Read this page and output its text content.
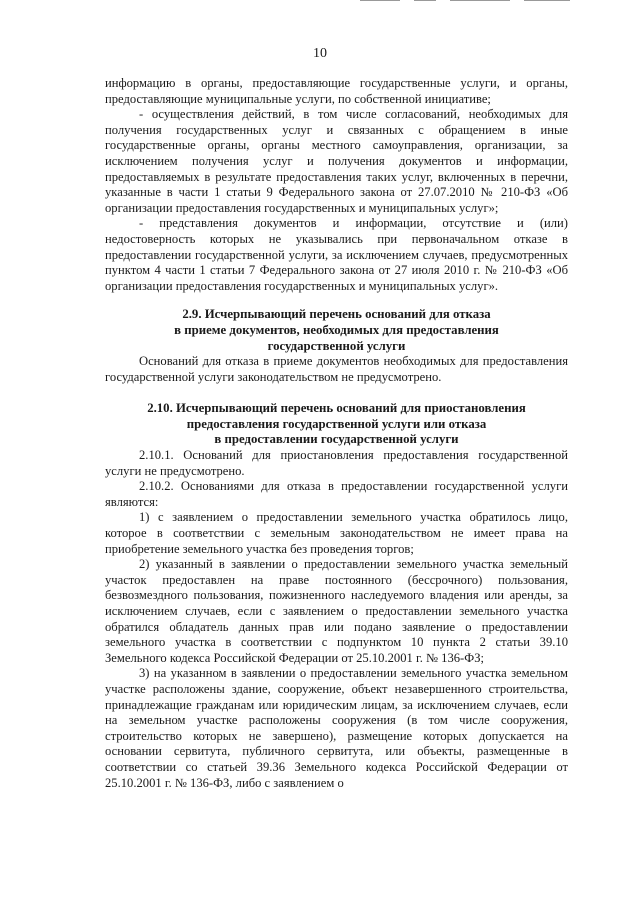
10

информацию в органы, предоставляющие государственные услуги, и органы, предоставляющие муниципальные услуги, по собственной инициативе;

- осуществления действий, в том числе согласований, необходимых для получения государственных услуг и связанных с обращением в иные государственные органы, органы местного самоуправления, организации, за исключением получения услуг и получения документов и информации, предоставляемых в результате предоставления таких услуг, включенных в перечни, указанные в части 1 статьи 9 Федерального закона от 27.07.2010 № 210-ФЗ «Об организации предоставления государственных и муниципальных услуг»;

- представления документов и информации, отсутствие и (или) недостоверность которых не указывались при первоначальном отказе в предоставлении государственной услуги, за исключением случаев, предусмотренных пунктом 4 части 1 статьи 7 Федерального закона от 27 июля 2010 г. № 210-ФЗ «Об организации предоставления государственных и муниципальных услуг».

2.9. Исчерпывающий перечень оснований для отказа

в приеме документов, необходимых для предоставления

государственной услуги

Оснований для отказа в приеме документов необходимых для предоставления государственной услуги законодательством не предусмотрено.

2.10. Исчерпывающий перечень оснований для приостановления

предоставления государственной услуги или отказа

в предоставлении государственной услуги

2.10.1. Оснований для приостановления предоставления государственной услуги не предусмотрено.

2.10.2. Основаниями для отказа в предоставлении государственной услуги являются:

1) с заявлением о предоставлении земельного участка обратилось лицо, которое в соответствии с земельным законодательством не имеет права на приобретение земельного участка без проведения торгов;

2) указанный в заявлении о предоставлении земельного участка земельный участок предоставлен на праве постоянного (бессрочного) пользования, безвозмездного пользования, пожизненного наследуемого владения или аренды, за исключением случаев, если с заявлением о предоставлении земельного участка обратился обладатель данных прав или подано заявление о предоставлении земельного участка в соответствии с подпунктом 10 пункта 2 статьи 39.10 Земельного кодекса Российской Федерации от 25.10.2001 г. № 136-ФЗ;

3) на указанном в заявлении о предоставлении земельного участка земельном участке расположены здание, сооружение, объект незавершенного строительства, принадлежащие гражданам или юридическим лицам, за исключением случаев, если на земельном участке расположены сооружения (в том числе сооружения, строительство которых не завершено), размещение которых допускается на основании сервитута, публичного сервитута, или объекты, размещенные в соответствии со статьей 39.36 Земельного кодекса Российской Федерации от 25.10.2001 г. № 136-ФЗ, либо с заявлением о
